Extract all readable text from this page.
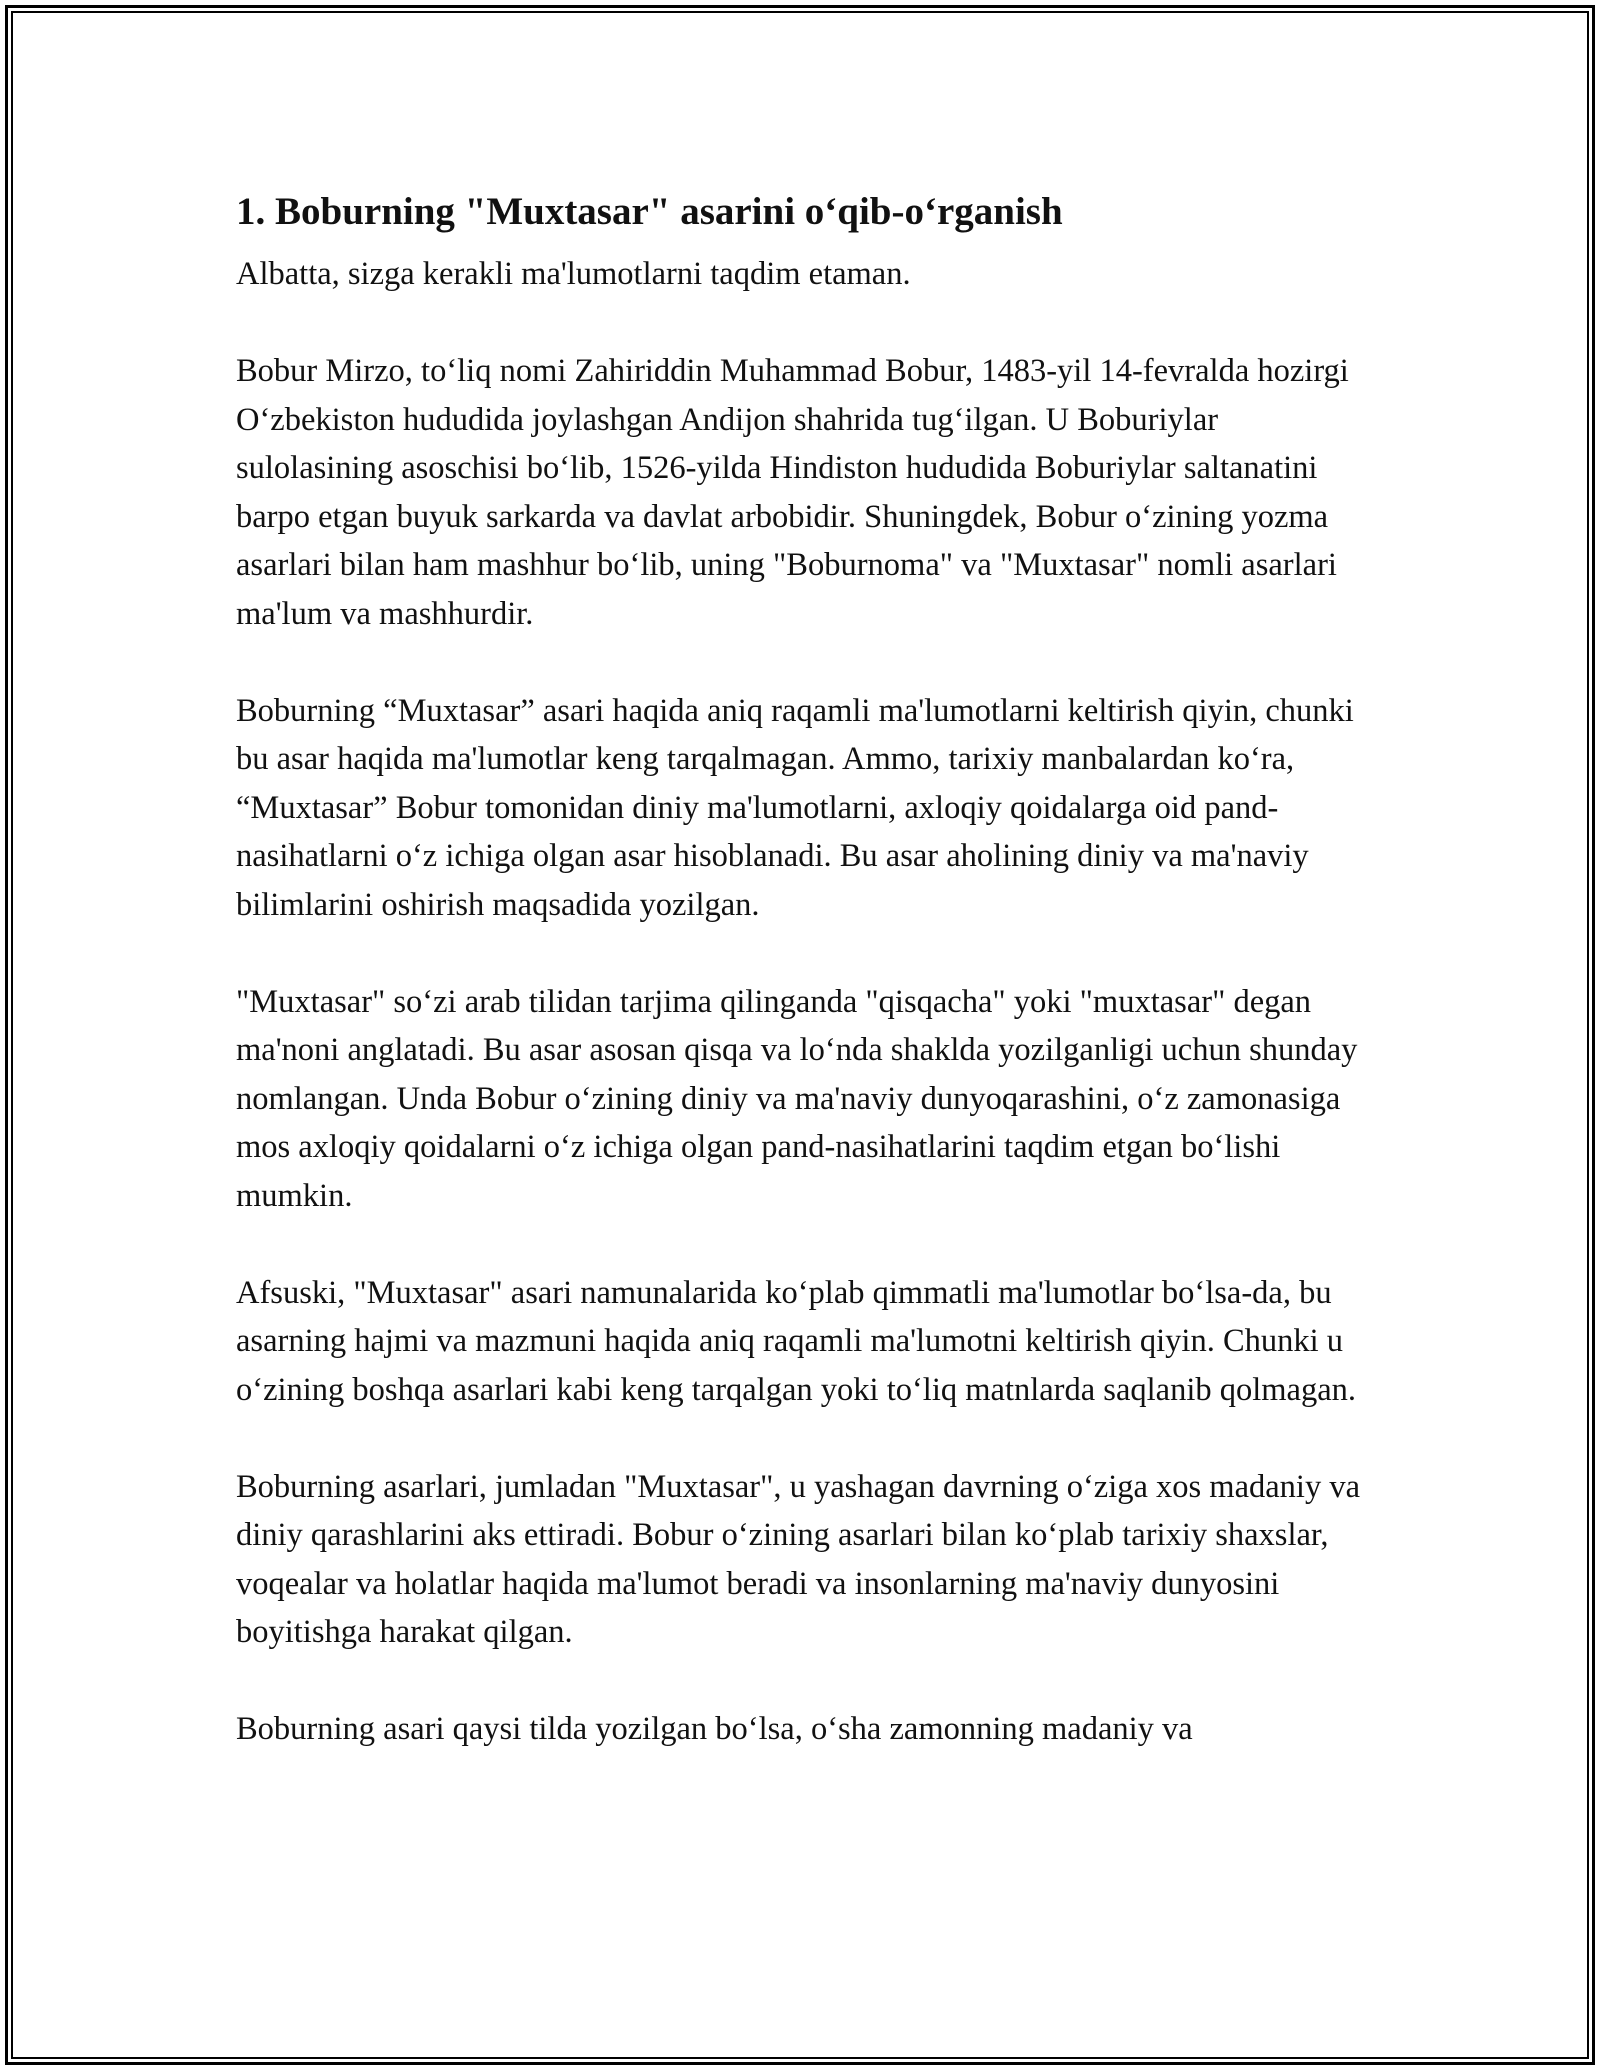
1. Boburning "Muxtasar" asarini o‘qib-o‘rganish

Albatta, sizga kerakli ma'lumotlarni taqdim etaman.

Bobur Mirzo, to‘liq nomi Zahiriddin Muhammad Bobur, 1483-yil 14-fevralda hozirgi O‘zbekiston hududida joylashgan Andijon shahrida tug‘ilgan. U Boburiylar sulolasining asoschisi bo‘lib, 1526-yilda Hindiston hududida Boburiylar saltanatini barpo etgan buyuk sarkarda va davlat arbobidir. Shuningdek, Bobur o‘zining yozma asarlari bilan ham mashhur bo‘lib, uning "Boburnoma" va "Muxtasar" nomli asarlari ma'lum va mashhurdir.

Boburning “Muxtasar” asari haqida aniq raqamli ma'lumotlarni keltirish qiyin, chunki bu asar haqida ma'lumotlar keng tarqalmagan. Ammo, tarixiy manbalardan ko‘ra, “Muxtasar” Bobur tomonidan diniy ma'lumotlarni, axloqiy qoidalarga oid pand-nasihatlarni o‘z ichiga olgan asar hisoblanadi. Bu asar aholining diniy va ma'naviy bilimlarini oshirish maqsadida yozilgan.

"Muxtasar" so‘zi arab tilidan tarjima qilinganda "qisqacha" yoki "muxtasar" degan ma'noni anglatadi. Bu asar asosan qisqa va lo‘nda shaklda yozilganligi uchun shunday nomlangan. Unda Bobur o‘zining diniy va ma'naviy dunyoqarashini, o‘z zamonasiga mos axloqiy qoidalarni o‘z ichiga olgan pand-nasihatlarini taqdim etgan bo‘lishi mumkin.

Afsuski, "Muxtasar" asari namunalarida ko‘plab qimmatli ma'lumotlar bo‘lsa-da, bu asarning hajmi va mazmuni haqida aniq raqamli ma'lumotni keltirish qiyin. Chunki u o‘zining boshqa asarlari kabi keng tarqalgan yoki to‘liq matnlarda saqlanib qolmagan.

Boburning asarlari, jumladan "Muxtasar", u yashagan davrning o‘ziga xos madaniy va diniy qarashlarini aks ettiradi. Bobur o‘zining asarlari bilan ko‘plab tarixiy shaxslar, voqealar va holatlar haqida ma'lumot beradi va insonlarning ma'naviy dunyosini boyitishga harakat qilgan.

Boburning asari qaysi tilda yozilgan bo‘lsa, o‘sha zamonning madaniy va
